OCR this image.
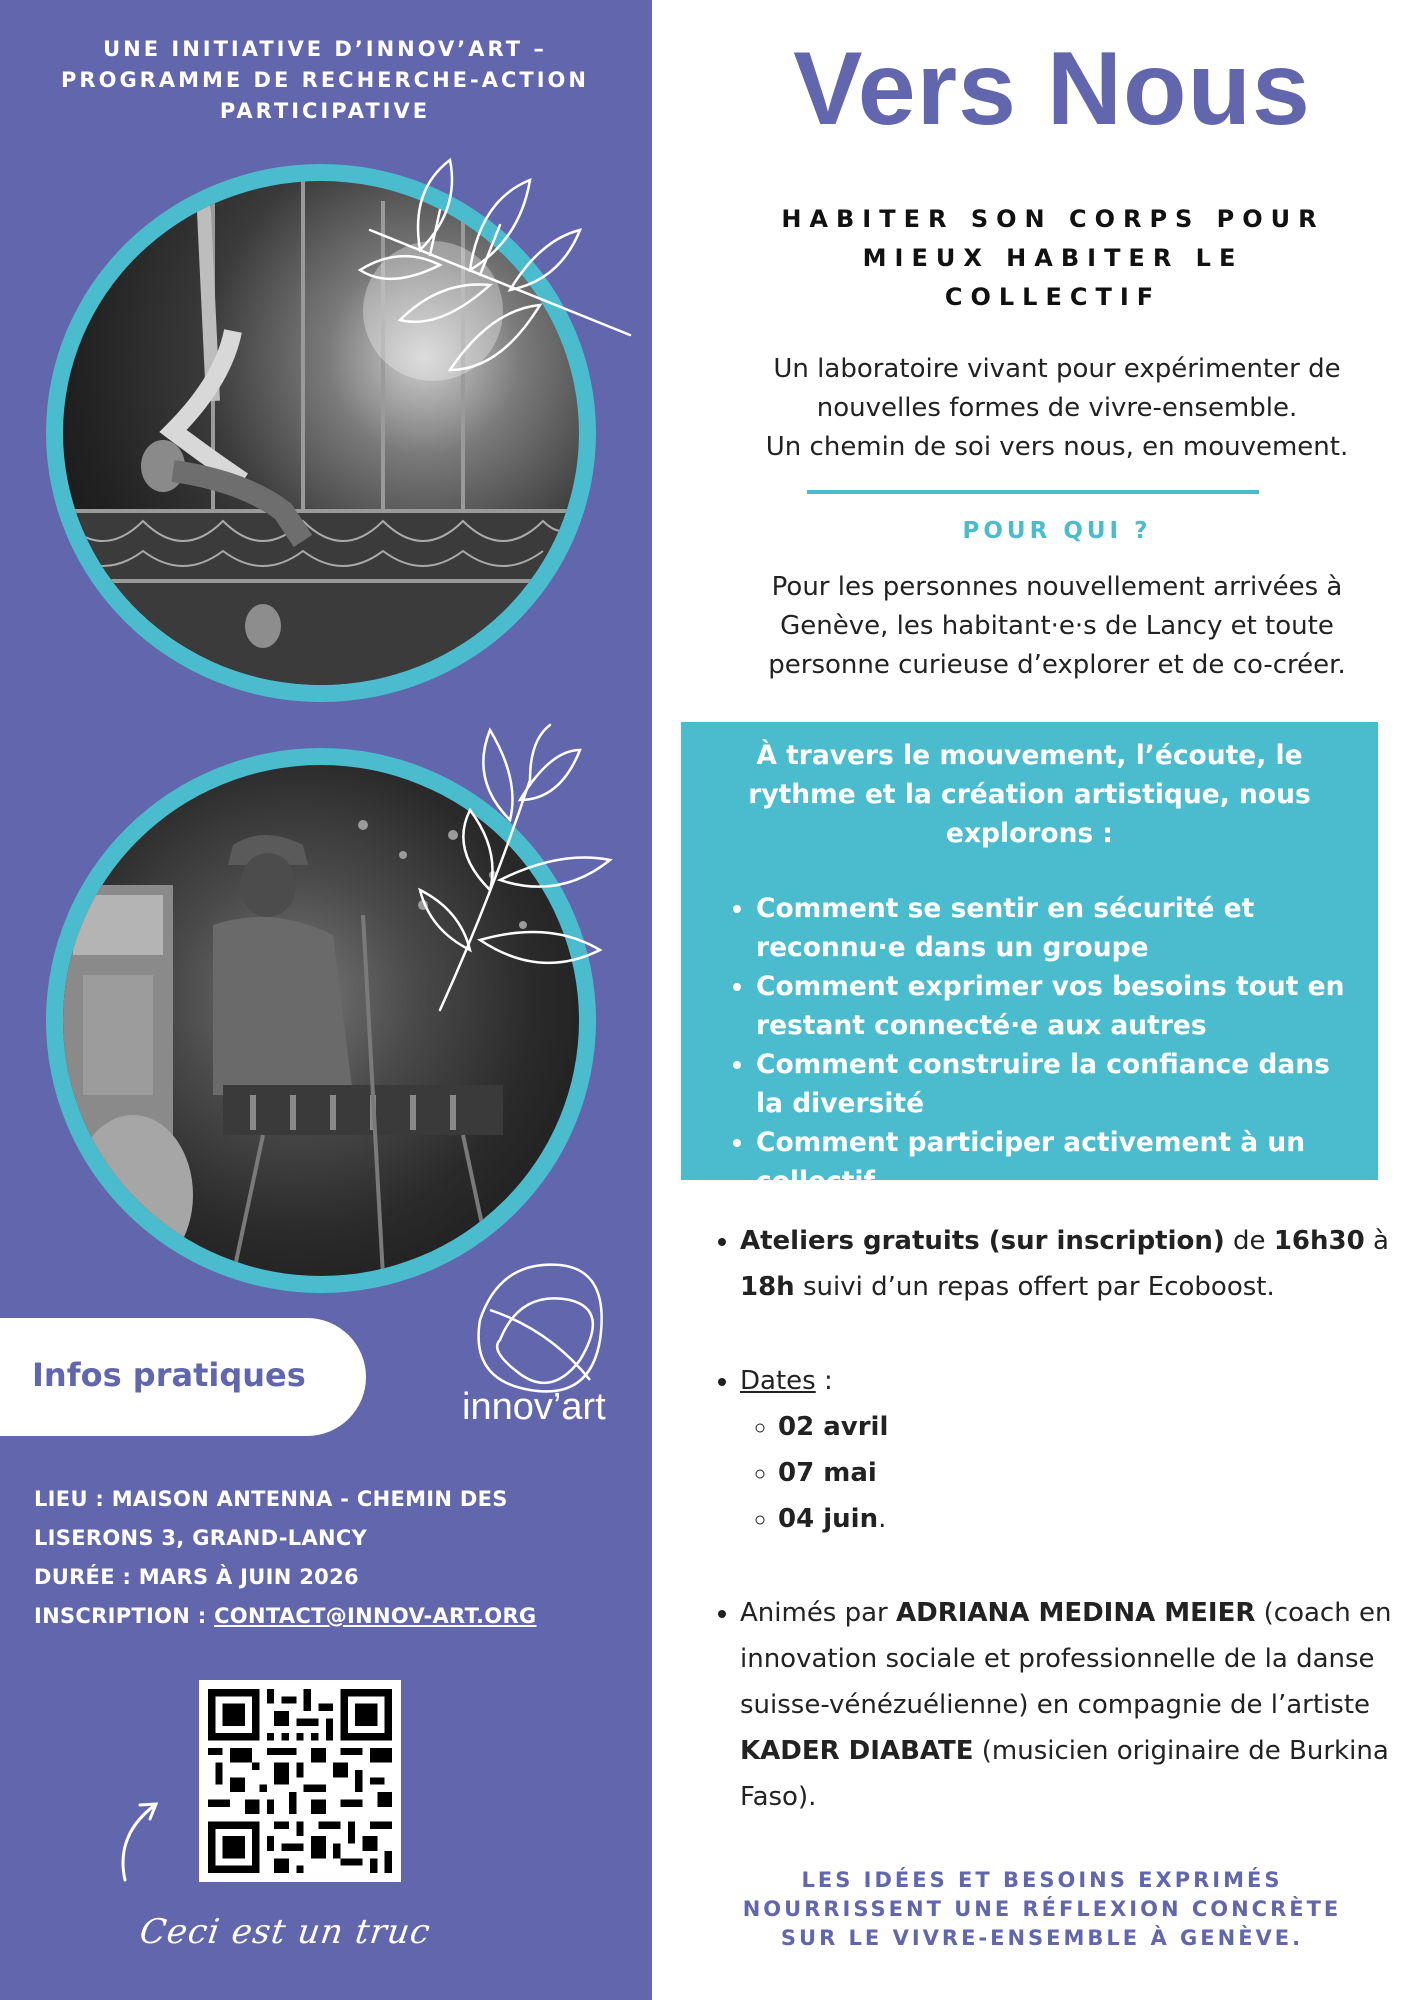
UNE INITIATIVE D’INNOV’ART –
PROGRAMME DE RECHERCHE-ACTION
PARTICIPATIVE
Infos pratiques
innov’art
LIEU : MAISON ANTENNA - CHEMIN DES
LISERONS 3, GRAND-LANCY
DURÉE : MARS À JUIN 2026
INSCRIPTION : CONTACT@INNOV-ART.ORG
Ceci est un truc
Vers Nous
HABITER SON CORPS POUR
MIEUX HABITER LE
COLLECTIF
Un laboratoire vivant pour expérimenter de
nouvelles formes de vivre-ensemble.
Un chemin de soi vers nous, en mouvement.
POUR QUI ?
Pour les personnes nouvellement arrivées à
Genève, les habitant·e·s de Lancy et toute
personne curieuse d’explorer et de co-créer.
À travers le mouvement, l’écoute, le rythme et la création artistique, nous explorons :
• Comment se sentir en sécurité et reconnu·e dans un groupe
• Comment exprimer vos besoins tout en restant connecté·e aux autres
• Comment construire la confiance dans la diversité
• Comment participer activement à un collectif
• Ateliers gratuits (sur inscription) de 16h30 à 18h suivi d’un repas offert par Ecoboost.
• Dates :
◦ 02 avril
◦ 07 mai
◦ 04 juin.
• Animés par ADRIANA MEDINA MEIER (coach en innovation sociale et professionnelle de la danse suisse-vénézuélienne) en compagnie de l’artiste KADER DIABATE (musicien originaire de Burkina Faso).
LES IDÉES ET BESOINS EXPRIMÉS
NOURRISSENT UNE RÉFLEXION CONCRÈTE
SUR LE VIVRE-ENSEMBLE À GENÈVE.
